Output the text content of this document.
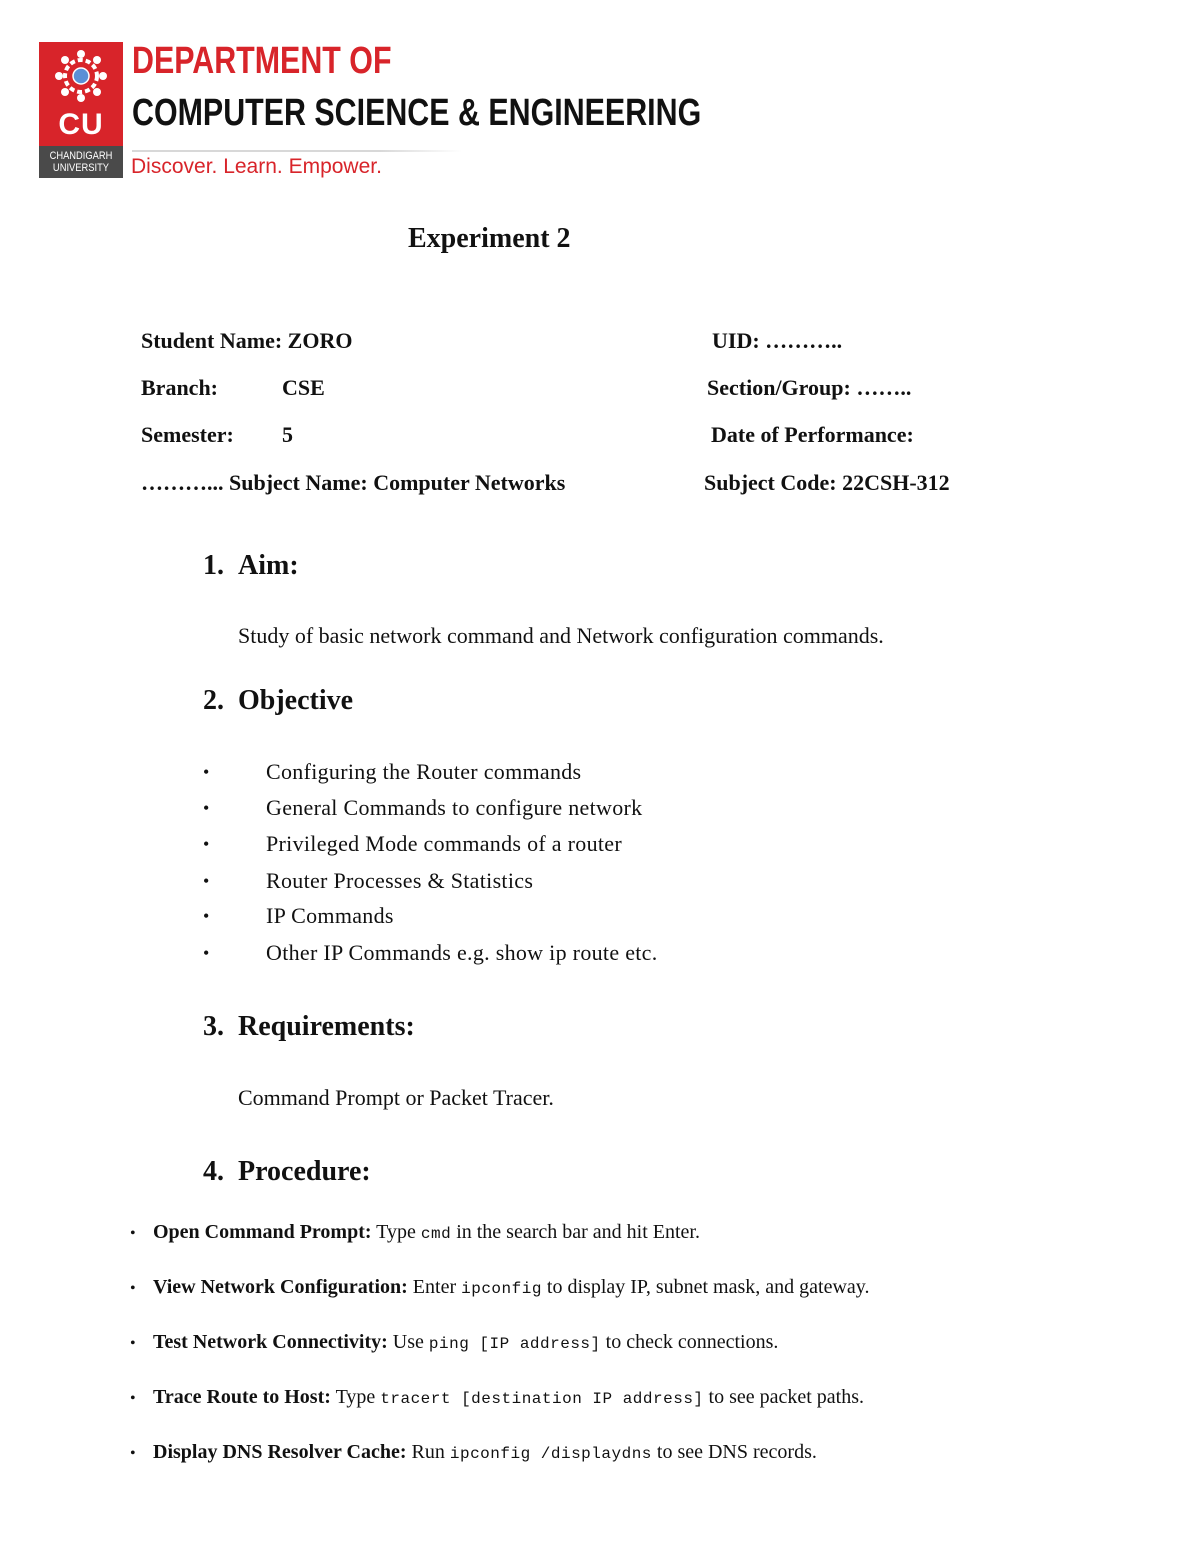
CU
CHANDIGARH
UNIVERSITY
DEPARTMENT OF
COMPUTER SCIENCE & ENGINEERING
Discover. Learn. Empower.
Experiment 2
Student Name: ZORO	UID: ………..
Branch:	CSE	Section/Group: ……..
Semester: 5	Date of Performance:
………... Subject Name: Computer Networks	Subject Code: 22CSH-312
1. Aim:
Study of basic network command and Network configuration commands.
2. Objective
•	Configuring the Router commands
•	General Commands to configure network
•	Privileged Mode commands of a router
•	Router Processes & Statistics
•	IP Commands
•	Other IP Commands e.g. show ip route etc.
3. Requirements:
Command Prompt or Packet Tracer.
4. Procedure:
• Open Command Prompt: Type cmd in the search bar and hit Enter.
• View Network Configuration: Enter ipconfig to display IP, subnet mask, and gateway.
• Test Network Connectivity: Use ping [IP address] to check connections.
• Trace Route to Host: Type tracert [destination IP address] to see packet paths.
• Display DNS Resolver Cache: Run ipconfig /displaydns to see DNS records.
